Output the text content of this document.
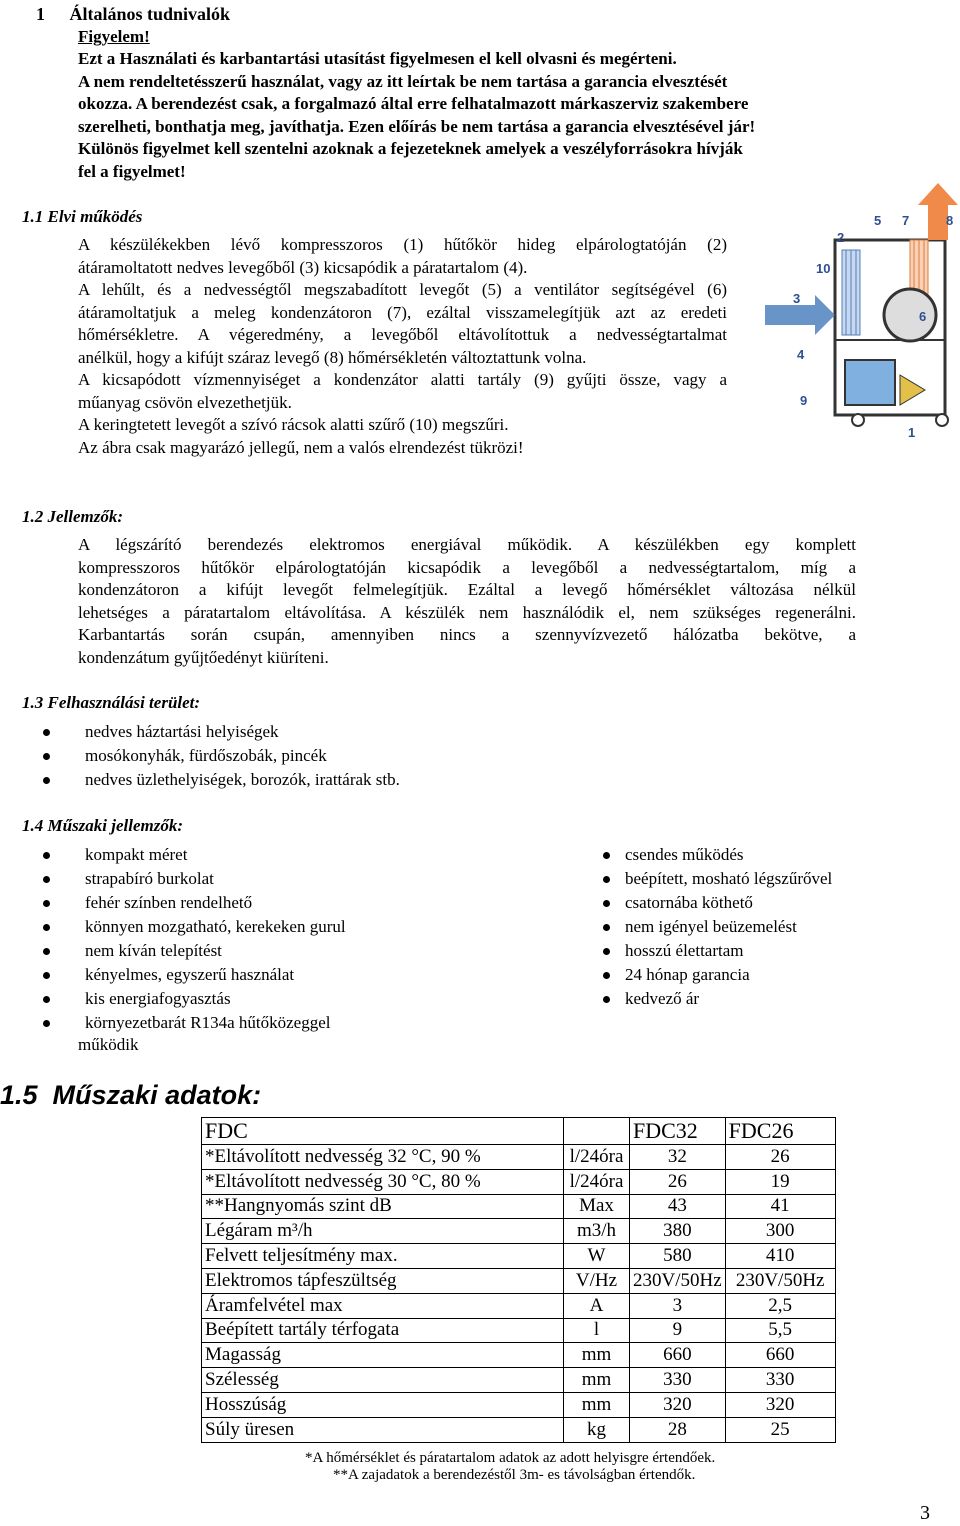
1 Általános tudnivalók
Figyelem!
Ezt a Használati és karbantartási utasítást figyelmesen el kell olvasni és megérteni.
A nem rendeltetésszerű használat, vagy az itt leírtak be nem tartása a garancia elvesztését
okozza. A berendezést csak, a forgalmazó által erre felhatalmazott márkaszerviz szakembere
szerelheti, bonthatja meg, javíthatja. Ezen előírás be nem tartása a garancia elvesztésével jár!
Különös figyelmet kell szentelni azoknak a fejezeteknek amelyek a veszélyforrásokra hívják
fel a figyelmet!
1.1 Elvi működés
A készülékekben lévő kompresszoros (1) hűtőkör hideg elpárologtatóján (2)
átáramoltatott nedves levegőből (3) kicsapódik a páratartalom (4).
A lehűlt, és a nedvességtől megszabadított levegőt (5) a ventilátor segítségével (6)
átáramoltatjuk a meleg kondenzátoron (7), ezáltal visszamelegítjük azt az eredeti
hőmérsékletre. A végeredmény, a levegőből eltávolítottuk a nedvességtartalmat
anélkül, hogy a kifújt száraz levegő (8) hőmérsékletén változtattunk volna.
A kicsapódott vízmennyiséget a kondenzátor alatti tartály (9) gyűjti össze, vagy a
műanyag csövön elvezethetjük.
A keringtetett levegőt a szívó rácsok alatti szűrő (10) megszűri.
Az ábra csak magyarázó jellegű, nem a valós elrendezést tükrözi!
5 7	8
2
10
3
6
4
9
1
1.2 Jellemzők:
A légszárító berendezés elektromos energiával működik. A készülékben egy komplett
kompresszoros hűtőkör elpárologtatóján kicsapódik a levegőből a nedvességtartalom, míg a
kondenzátoron a kifújt levegőt felmelegítjük. Ezáltal a levegő hőmérséklet változása nélkül
lehetséges a páratartalom eltávolítása. A készülék nem használódik el, nem szükséges regenerálni.
Karbantartás során csupán, amennyiben nincs a szennyvízvezető hálózatba bekötve, a
kondenzátum gyűjtőedényt kiüríteni.
1.3 Felhasználási terület:
nedves háztartási helyiségek
mosókonyhák, fürdőszobák, pincék
nedves üzlethelyiségek, borozók, irattárak stb.
1.4 Műszaki jellemzők:
kompakt méret
strapabíró burkolat
fehér színben rendelhető
könnyen mozgatható, kerekeken gurul
nem kíván telepítést
kényelmes, egyszerű használat
kis energiafogyasztás
környezetbarát R134a hűtőközeggel
működik
csendes működés
beépített, mosható légszűrővel
csatornába köthető
nem igényel beüzemelést
hosszú élettartam
24 hónap garancia
kedvező ár
1.5  Műszaki adatok:
FDC		FDC32	FDC26
*Eltávolított nedvesség 32 °C, 90 %	l/24óra	32	26
*Eltávolított nedvesség 30 °C, 80 %	l/24óra	26	19
**Hangnyomás szint dB	Max	43	41
Légáram m³/h	m3/h	380	300
Felvett teljesítmény max.	W	580	410
Elektromos tápfeszültség	V/Hz	230V/50Hz	230V/50Hz
Áramfelvétel max	A	3	2,5
Beépített tartály térfogata	l	9	5,5
Magasság	mm	660	660
Szélesség	mm	330	330
Hosszúság	mm	320	320
Súly üresen	kg	28	25
*A hőmérséklet és páratartalom adatok az adott helyisgre értendőek.
**A zajadatok a berendezéstől 3m- es távolságban értendők.
3
